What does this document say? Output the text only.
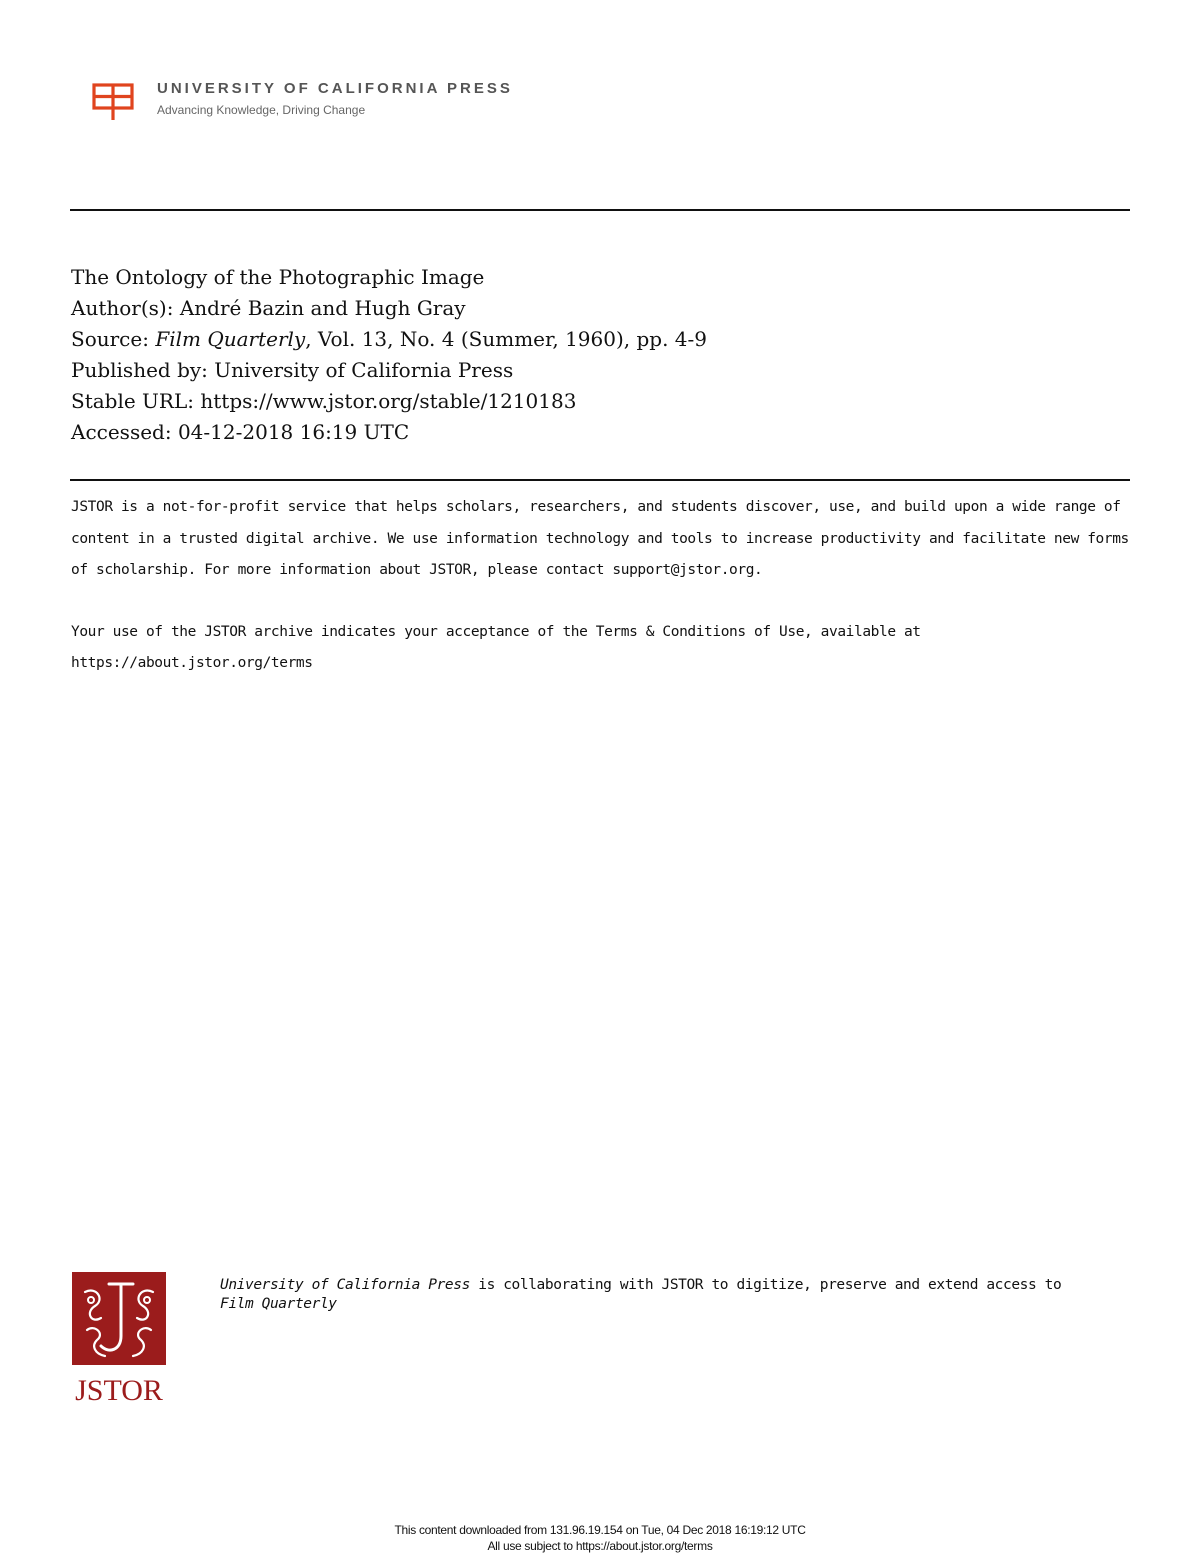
UNIVERSITY OF CALIFORNIA PRESS
Advancing Knowledge, Driving Change
The Ontology of the Photographic Image
Author(s): André Bazin and Hugh Gray
Source: Film Quarterly, Vol. 13, No. 4 (Summer, 1960), pp. 4-9
Published by: University of California Press
Stable URL: https://www.jstor.org/stable/1210183
Accessed: 04-12-2018 16:19 UTC

JSTOR is a not-for-profit service that helps scholars, researchers, and students discover, use, and build upon a wide range of content in a trusted digital archive. We use information technology and tools to increase productivity and facilitate new forms of scholarship. For more information about JSTOR, please contact support@jstor.org.

Your use of the JSTOR archive indicates your acceptance of the Terms & Conditions of Use, available at
https://about.jstor.org/terms

JSTOR
University of California Press is collaborating with JSTOR to digitize, preserve and extend access to Film Quarterly
This content downloaded from 131.96.19.154 on Tue, 04 Dec 2018 16:19:12 UTC
All use subject to https://about.jstor.org/terms
